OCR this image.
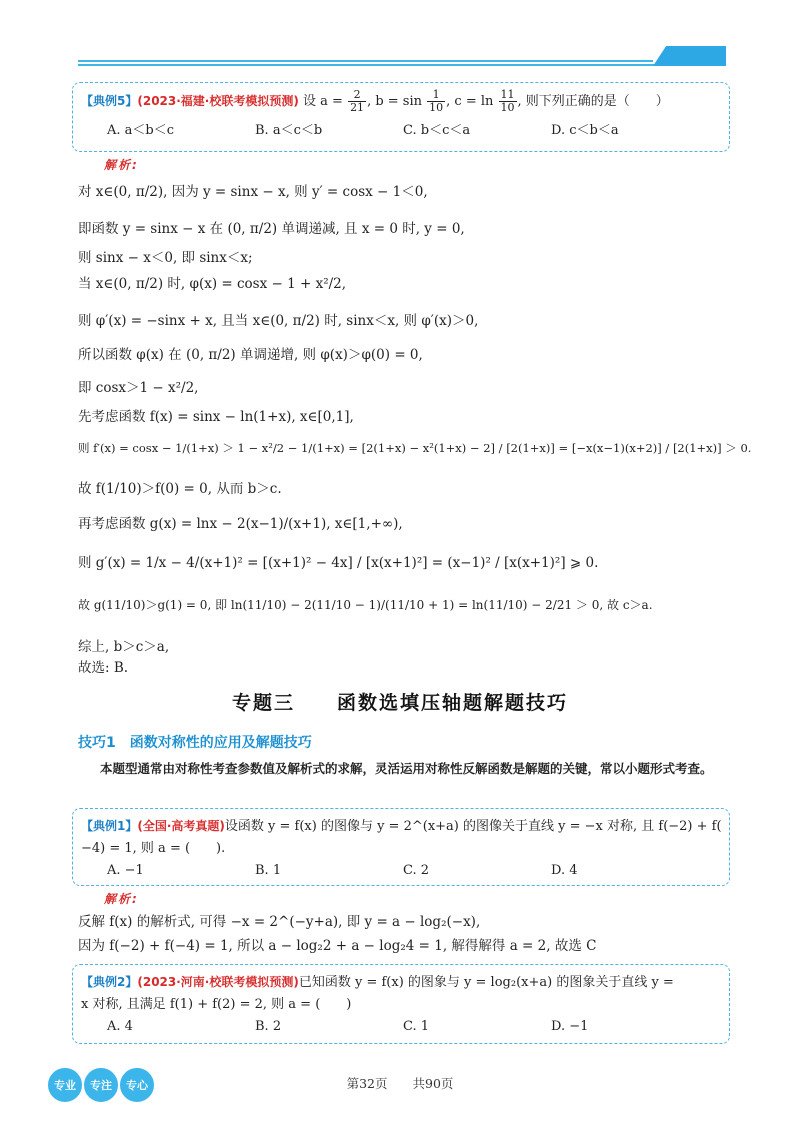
【典例5】(2023·福建·校联考模拟预测) 设 $a = \frac{2}{21}$ , $b = \sin \frac{1}{10}$ , $c = \ln \frac{11}{10}$ , 则下列正确的是（　　）
A. a＜b＜c	B. a＜c＜b	C. b＜c＜a	D. c＜b＜a
解析:
对 x∈(0, π/2), 因为 y = sinx − x, 则 y′ = cosx − 1＜0,
即函数 y = sinx − x 在 (0, π/2) 单调递减, 且 x = 0 时, y = 0,
则 sinx − x＜0, 即 sinx＜x;
当 x∈(0, π/2) 时, φ(x) = cosx − 1 + x²/2,
则 φ′(x) = −sinx + x, 且当 x∈(0, π/2) 时, sinx＜x, 则 φ′(x)＞0,
所以函数 φ(x) 在 (0, π/2) 单调递增, 则 φ(x)＞φ(0) = 0,
即 cosx＞1 − x²/2,
先考虑函数 f(x) = sinx − ln(1+x), x∈[0,1],
则 f′(x) = cosx − 1/(1+x) ＞ 1 − x²/2 − 1/(1+x) = [2(1+x) − x²(1+x) − 2] / [2(1+x)] = [−x(x−1)(x+2)] / [2(1+x)] ＞ 0.
故 f(1/10)＞f(0) = 0, 从而 b＞c.
再考虑函数 g(x) = lnx − 2(x−1)/(x+1), x∈[1,+∞),
则 g′(x) = 1/x − 4/(x+1)² = [(x+1)² − 4x] / [x(x+1)²] = (x−1)² / [x(x+1)²] ⩾ 0.
故 g(11/10)＞g(1) = 0, 即 ln(11/10) − 2(11/10 − 1)/(11/10 + 1) = ln(11/10) − 2/21 ＞ 0, 故 c＞a.
综上, b＞c＞a,
故选: B.
专题三　　函数选填压轴题解题技巧
技巧1　函数对称性的应用及解题技巧
本题型通常由对称性考查参数值及解析式的求解，灵活运用对称性反解函数是解题的关键，常以小题形式考查。
【典例1】(全国·高考真题)设函数 y = f(x) 的图像与 y = 2^(x+a) 的图像关于直线 y = −x 对称, 且 f(−2) + f(
−4) = 1, 则 a = (　　).
A. −1	B. 1	C. 2	D. 4
解析:
反解 f(x) 的解析式, 可得 −x = 2^(−y+a), 即 y = a − log₂(−x),
因为 f(−2) + f(−4) = 1, 所以 a − log₂2 + a − log₂4 = 1, 解得解得 a = 2, 故选 C
【典例2】(2023·河南·校联考模拟预测)已知函数 y = f(x) 的图象与 y = log₂(x+a) 的图象关于直线 y =
x 对称, 且满足 f(1) + f(2) = 2, 则 a = (　　)
A. 4	B. 2	C. 1	D. −1
专业	专注	专心	第32页　　共90页
